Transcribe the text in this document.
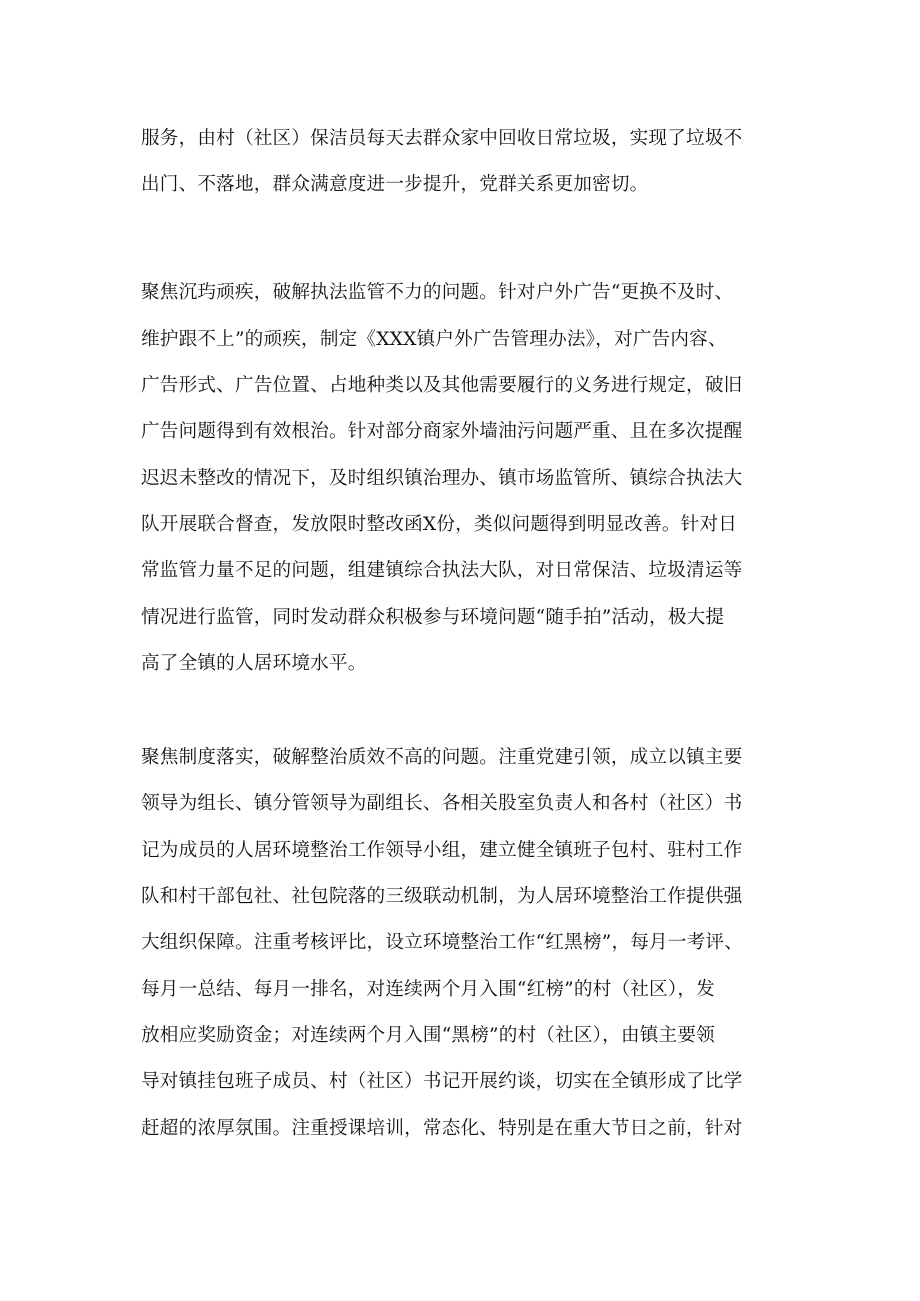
服务，由村（社区）保洁员每天去群众家中回收日常垃圾，实现了垃圾不
出门、不落地，群众满意度进一步提升，党群关系更加密切。
聚焦沉玙顽疾，破解执法监管不力的问题。针对户外广告“更换不及时、
维护跟不上”的顽疾，制定《XXX镇户外广告管理办法》，对广告内容、
广告形式、广告位置、占地种类以及其他需要履行的义务进行规定，破旧
广告问题得到有效根治。针对部分商家外墙油污问题严重、且在多次提醒
迟迟未整改的情况下，及时组织镇治理办、镇市场监管所、镇综合执法大
队开展联合督查，发放限时整改函X份，类似问题得到明显改善。针对日
常监管力量不足的问题，组建镇综合执法大队，对日常保洁、垃圾清运等
情况进行监管，同时发动群众积极参与环境问题“随手拍”活动，极大提
高了全镇的人居环境水平。
聚焦制度落实，破解整治质效不高的问题。注重党建引领，成立以镇主要
领导为组长、镇分管领导为副组长、各相关股室负责人和各村（社区）书
记为成员的人居环境整治工作领导小组，建立健全镇班子包村、驻村工作
队和村干部包社、社包院落的三级联动机制，为人居环境整治工作提供强
大组织保障。注重考核评比，设立环境整治工作“红黑榜”，每月一考评、
每月一总结、每月一排名，对连续两个月入围“红榜”的村（社区），发
放相应奖励资金；对连续两个月入围“黑榜”的村（社区），由镇主要领
导对镇挂包班子成员、村（社区）书记开展约谈，切实在全镇形成了比学
赶超的浓厚氛围。注重授课培训，常态化、特别是在重大节日之前，针对
